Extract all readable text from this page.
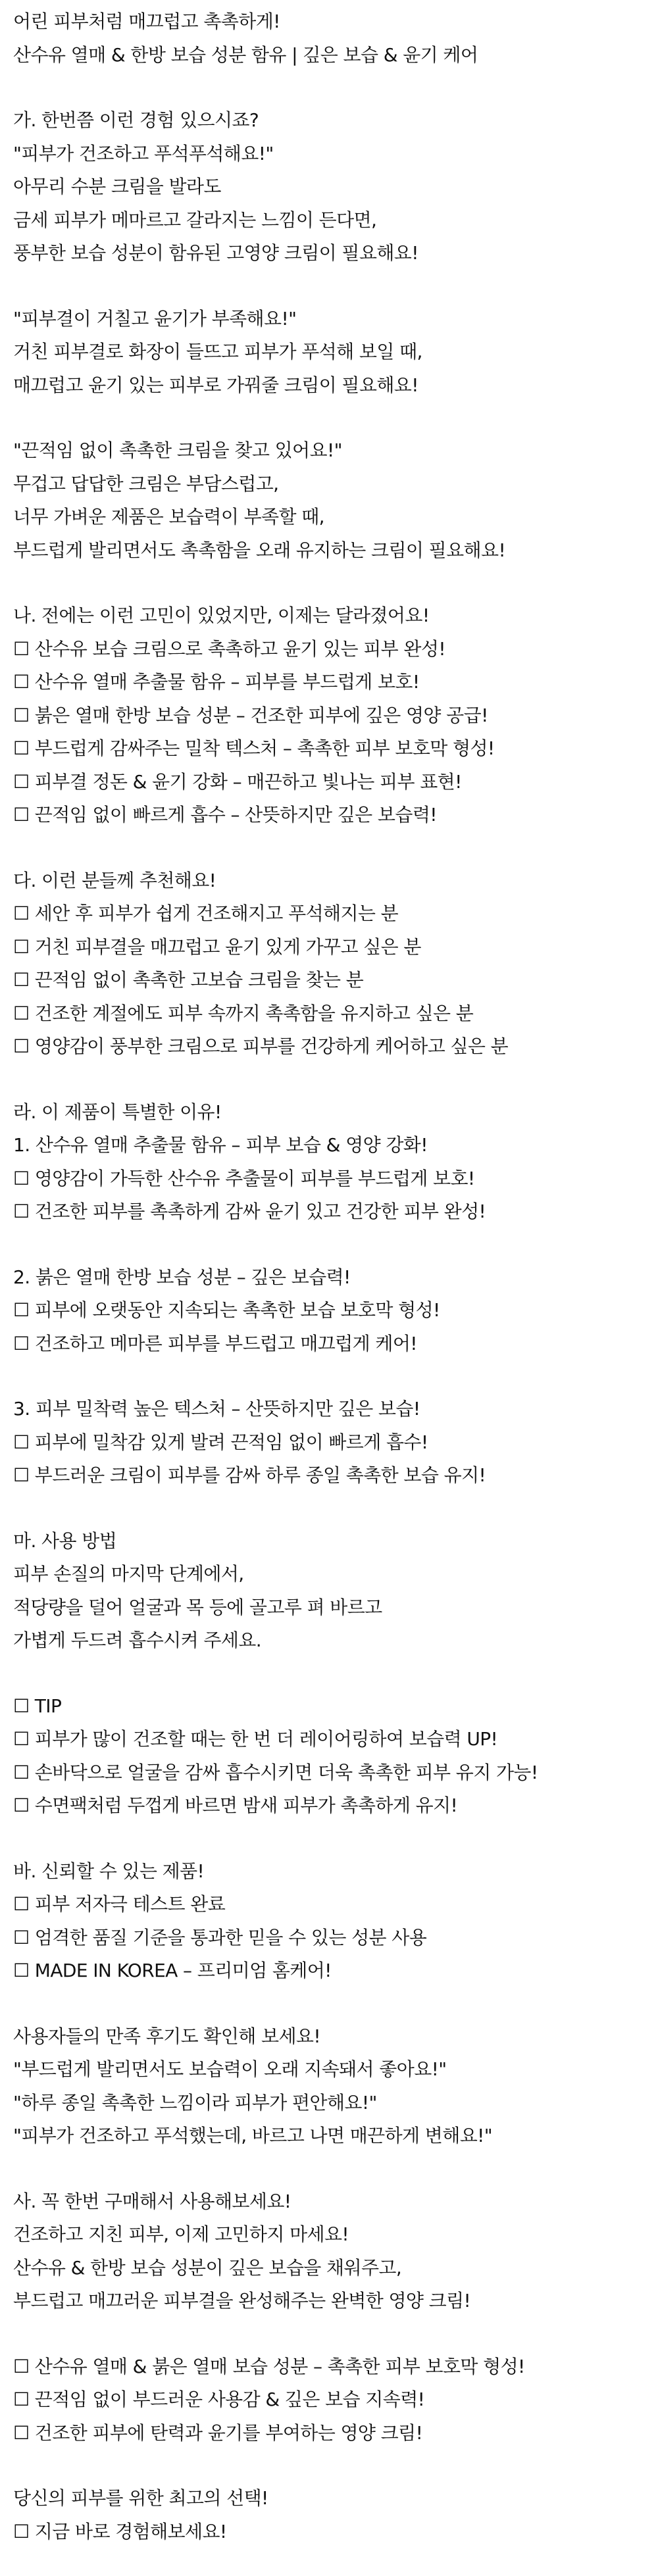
어린 피부처럼 매끄럽고 촉촉하게!
산수유 열매 & 한방 보습 성분 함유 | 깊은 보습 & 윤기 케어
가. 한번쯤 이런 경험 있으시죠?
"피부가 건조하고 푸석푸석해요!"
아무리 수분 크림을 발라도
금세 피부가 메마르고 갈라지는 느낌이 든다면,
풍부한 보습 성분이 함유된 고영양 크림이 필요해요!
"피부결이 거칠고 윤기가 부족해요!"
거친 피부결로 화장이 들뜨고 피부가 푸석해 보일 때,
매끄럽고 윤기 있는 피부로 가꿔줄 크림이 필요해요!
"끈적임 없이 촉촉한 크림을 찾고 있어요!"
무겁고 답답한 크림은 부담스럽고,
너무 가벼운 제품은 보습력이 부족할 때,
부드럽게 발리면서도 촉촉함을 오래 유지하는 크림이 필요해요!
나. 전에는 이런 고민이 있었지만, 이제는 달라졌어요!
☐ 산수유 보습 크림으로 촉촉하고 윤기 있는 피부 완성!
☐ 산수유 열매 추출물 함유 – 피부를 부드럽게 보호!
☐ 붉은 열매 한방 보습 성분 – 건조한 피부에 깊은 영양 공급!
☐ 부드럽게 감싸주는 밀착 텍스처 – 촉촉한 피부 보호막 형성!
☐ 피부결 정돈 & 윤기 강화 – 매끈하고 빛나는 피부 표현!
☐ 끈적임 없이 빠르게 흡수 – 산뜻하지만 깊은 보습력!
다. 이런 분들께 추천해요!
☐ 세안 후 피부가 쉽게 건조해지고 푸석해지는 분
☐ 거친 피부결을 매끄럽고 윤기 있게 가꾸고 싶은 분
☐ 끈적임 없이 촉촉한 고보습 크림을 찾는 분
☐ 건조한 계절에도 피부 속까지 촉촉함을 유지하고 싶은 분
☐ 영양감이 풍부한 크림으로 피부를 건강하게 케어하고 싶은 분
라. 이 제품이 특별한 이유!
1. 산수유 열매 추출물 함유 – 피부 보습 & 영양 강화!
☐ 영양감이 가득한 산수유 추출물이 피부를 부드럽게 보호!
☐ 건조한 피부를 촉촉하게 감싸 윤기 있고 건강한 피부 완성!
2. 붉은 열매 한방 보습 성분 – 깊은 보습력!
☐ 피부에 오랫동안 지속되는 촉촉한 보습 보호막 형성!
☐ 건조하고 메마른 피부를 부드럽고 매끄럽게 케어!
3. 피부 밀착력 높은 텍스처 – 산뜻하지만 깊은 보습!
☐ 피부에 밀착감 있게 발려 끈적임 없이 빠르게 흡수!
☐ 부드러운 크림이 피부를 감싸 하루 종일 촉촉한 보습 유지!
마. 사용 방법
피부 손질의 마지막 단계에서,
적당량을 덜어 얼굴과 목 등에 골고루 펴 바르고
가볍게 두드려 흡수시켜 주세요.
☐ TIP
☐ 피부가 많이 건조할 때는 한 번 더 레이어링하여 보습력 UP!
☐ 손바닥으로 얼굴을 감싸 흡수시키면 더욱 촉촉한 피부 유지 가능!
☐ 수면팩처럼 두껍게 바르면 밤새 피부가 촉촉하게 유지!
바. 신뢰할 수 있는 제품!
☐ 피부 저자극 테스트 완료
☐ 엄격한 품질 기준을 통과한 믿을 수 있는 성분 사용
☐ MADE IN KOREA – 프리미엄 홈케어!
사용자들의 만족 후기도 확인해 보세요!
"부드럽게 발리면서도 보습력이 오래 지속돼서 좋아요!"
"하루 종일 촉촉한 느낌이라 피부가 편안해요!"
"피부가 건조하고 푸석했는데, 바르고 나면 매끈하게 변해요!"
사. 꼭 한번 구매해서 사용해보세요!
건조하고 지친 피부, 이제 고민하지 마세요!
산수유 & 한방 보습 성분이 깊은 보습을 채워주고,
부드럽고 매끄러운 피부결을 완성해주는 완벽한 영양 크림!
☐ 산수유 열매 & 붉은 열매 보습 성분 – 촉촉한 피부 보호막 형성!
☐ 끈적임 없이 부드러운 사용감 & 깊은 보습 지속력!
☐ 건조한 피부에 탄력과 윤기를 부여하는 영양 크림!
당신의 피부를 위한 최고의 선택!
☐ 지금 바로 경험해보세요!
